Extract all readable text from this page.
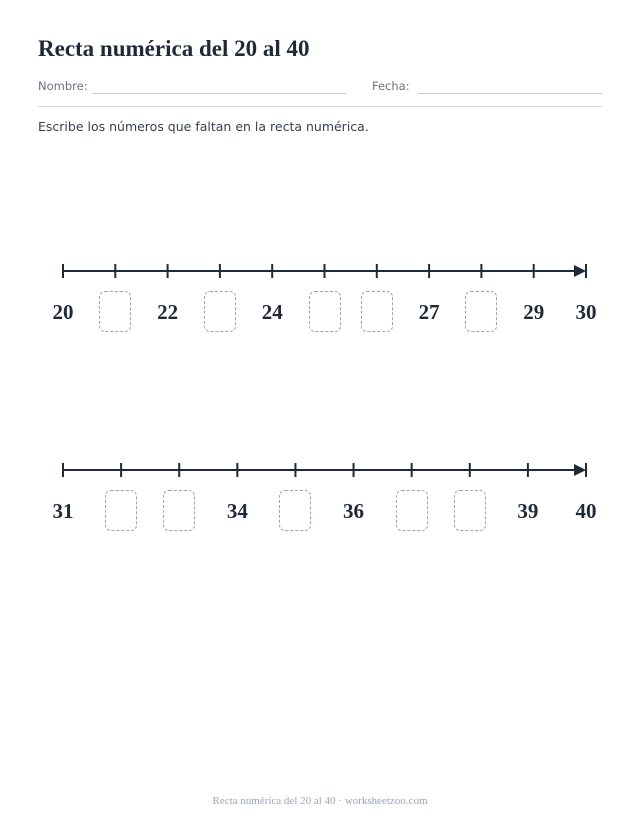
Recta numérica del 20 al 40
Nombre:	Fecha:
Escribe los números que faltan en la recta numérica.
20	22	24	27	29	30
31	34	36	39	40
Recta numérica del 20 al 40 · worksheetzoo.com
